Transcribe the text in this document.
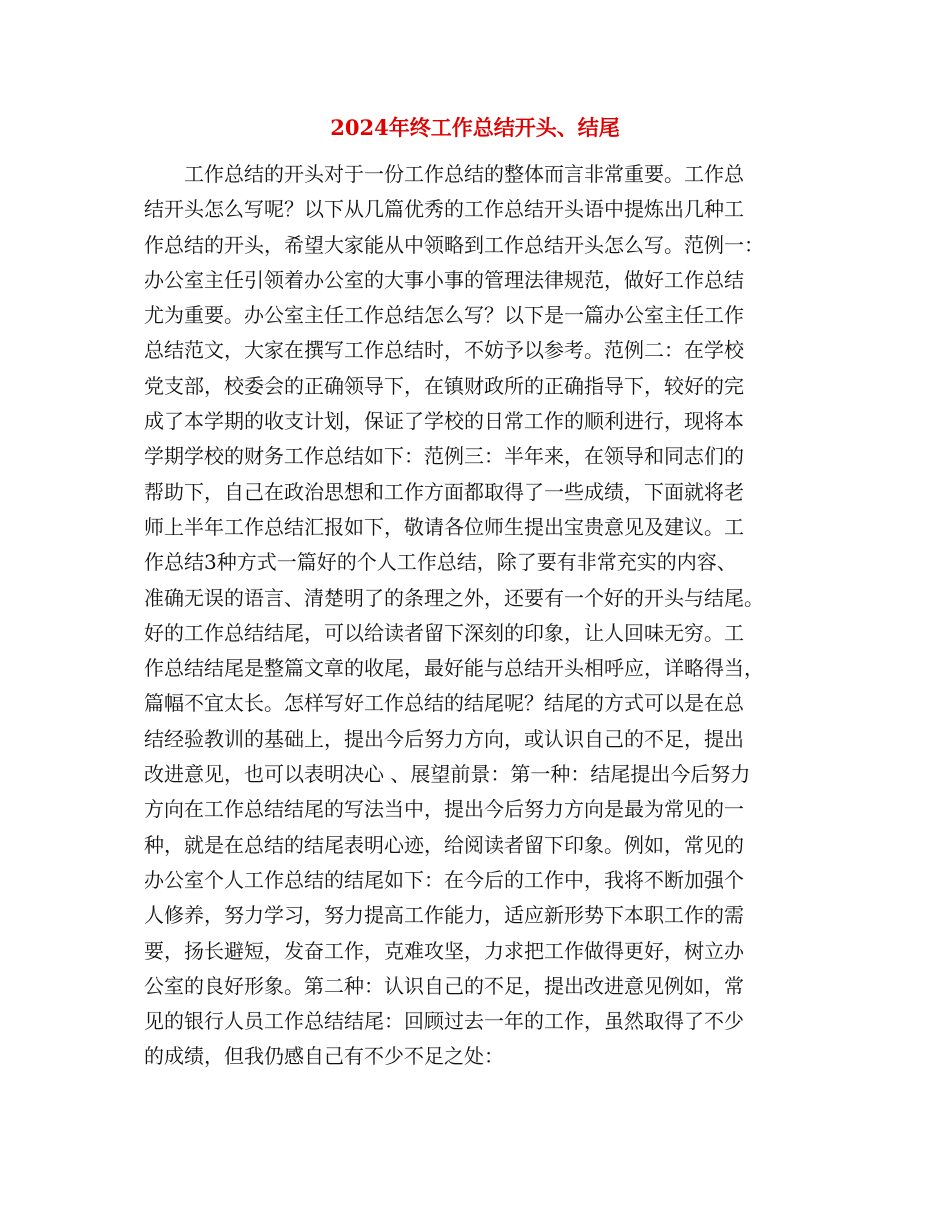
2024年终工作总结开头、结尾
　　工作总结的开头对于一份工作总结的整体而言非常重要。工作总
结开头怎么写呢？以下从几篇优秀的工作总结开头语中提炼出几种工
作总结的开头，希望大家能从中领略到工作总结开头怎么写。范例一：
办公室主任引领着办公室的大事小事的管理法律规范，做好工作总结
尤为重要。办公室主任工作总结怎么写？以下是一篇办公室主任工作
总结范文，大家在撰写工作总结时，不妨予以参考。范例二：在学校
党支部，校委会的正确领导下，在镇财政所的正确指导下，较好的完
成了本学期的收支计划，保证了学校的日常工作的顺利进行，现将本
学期学校的财务工作总结如下：范例三：半年来，在领导和同志们的
帮助下，自己在政治思想和工作方面都取得了一些成绩，下面就将老
师上半年工作总结汇报如下，敬请各位师生提出宝贵意见及建议。工
作总结3种方式一篇好的个人工作总结，除了要有非常充实的内容、
准确无误的语言、清楚明了的条理之外，还要有一个好的开头与结尾。
好的工作总结结尾，可以给读者留下深刻的印象，让人回味无穷。工
作总结结尾是整篇文章的收尾，最好能与总结开头相呼应，详略得当，
篇幅不宜太长。怎样写好工作总结的结尾呢？结尾的方式可以是在总
结经验教训的基础上，提出今后努力方向，或认识自己的不足，提出
改进意见，也可以表明决心 、展望前景：第一种：结尾提出今后努力
方向在工作总结结尾的写法当中，提出今后努力方向是最为常见的一
种，就是在总结的结尾表明心迹，给阅读者留下印象。例如，常见的
办公室个人工作总结的结尾如下：在今后的工作中，我将不断加强个
人修养，努力学习，努力提高工作能力，适应新形势下本职工作的需
要，扬长避短，发奋工作，克难攻坚，力求把工作做得更好，树立办
公室的良好形象。第二种：认识自己的不足，提出改进意见例如，常
见的银行人员工作总结结尾：回顾过去一年的工作，虽然取得了不少
的成绩，但我仍感自己有不少不足之处：
